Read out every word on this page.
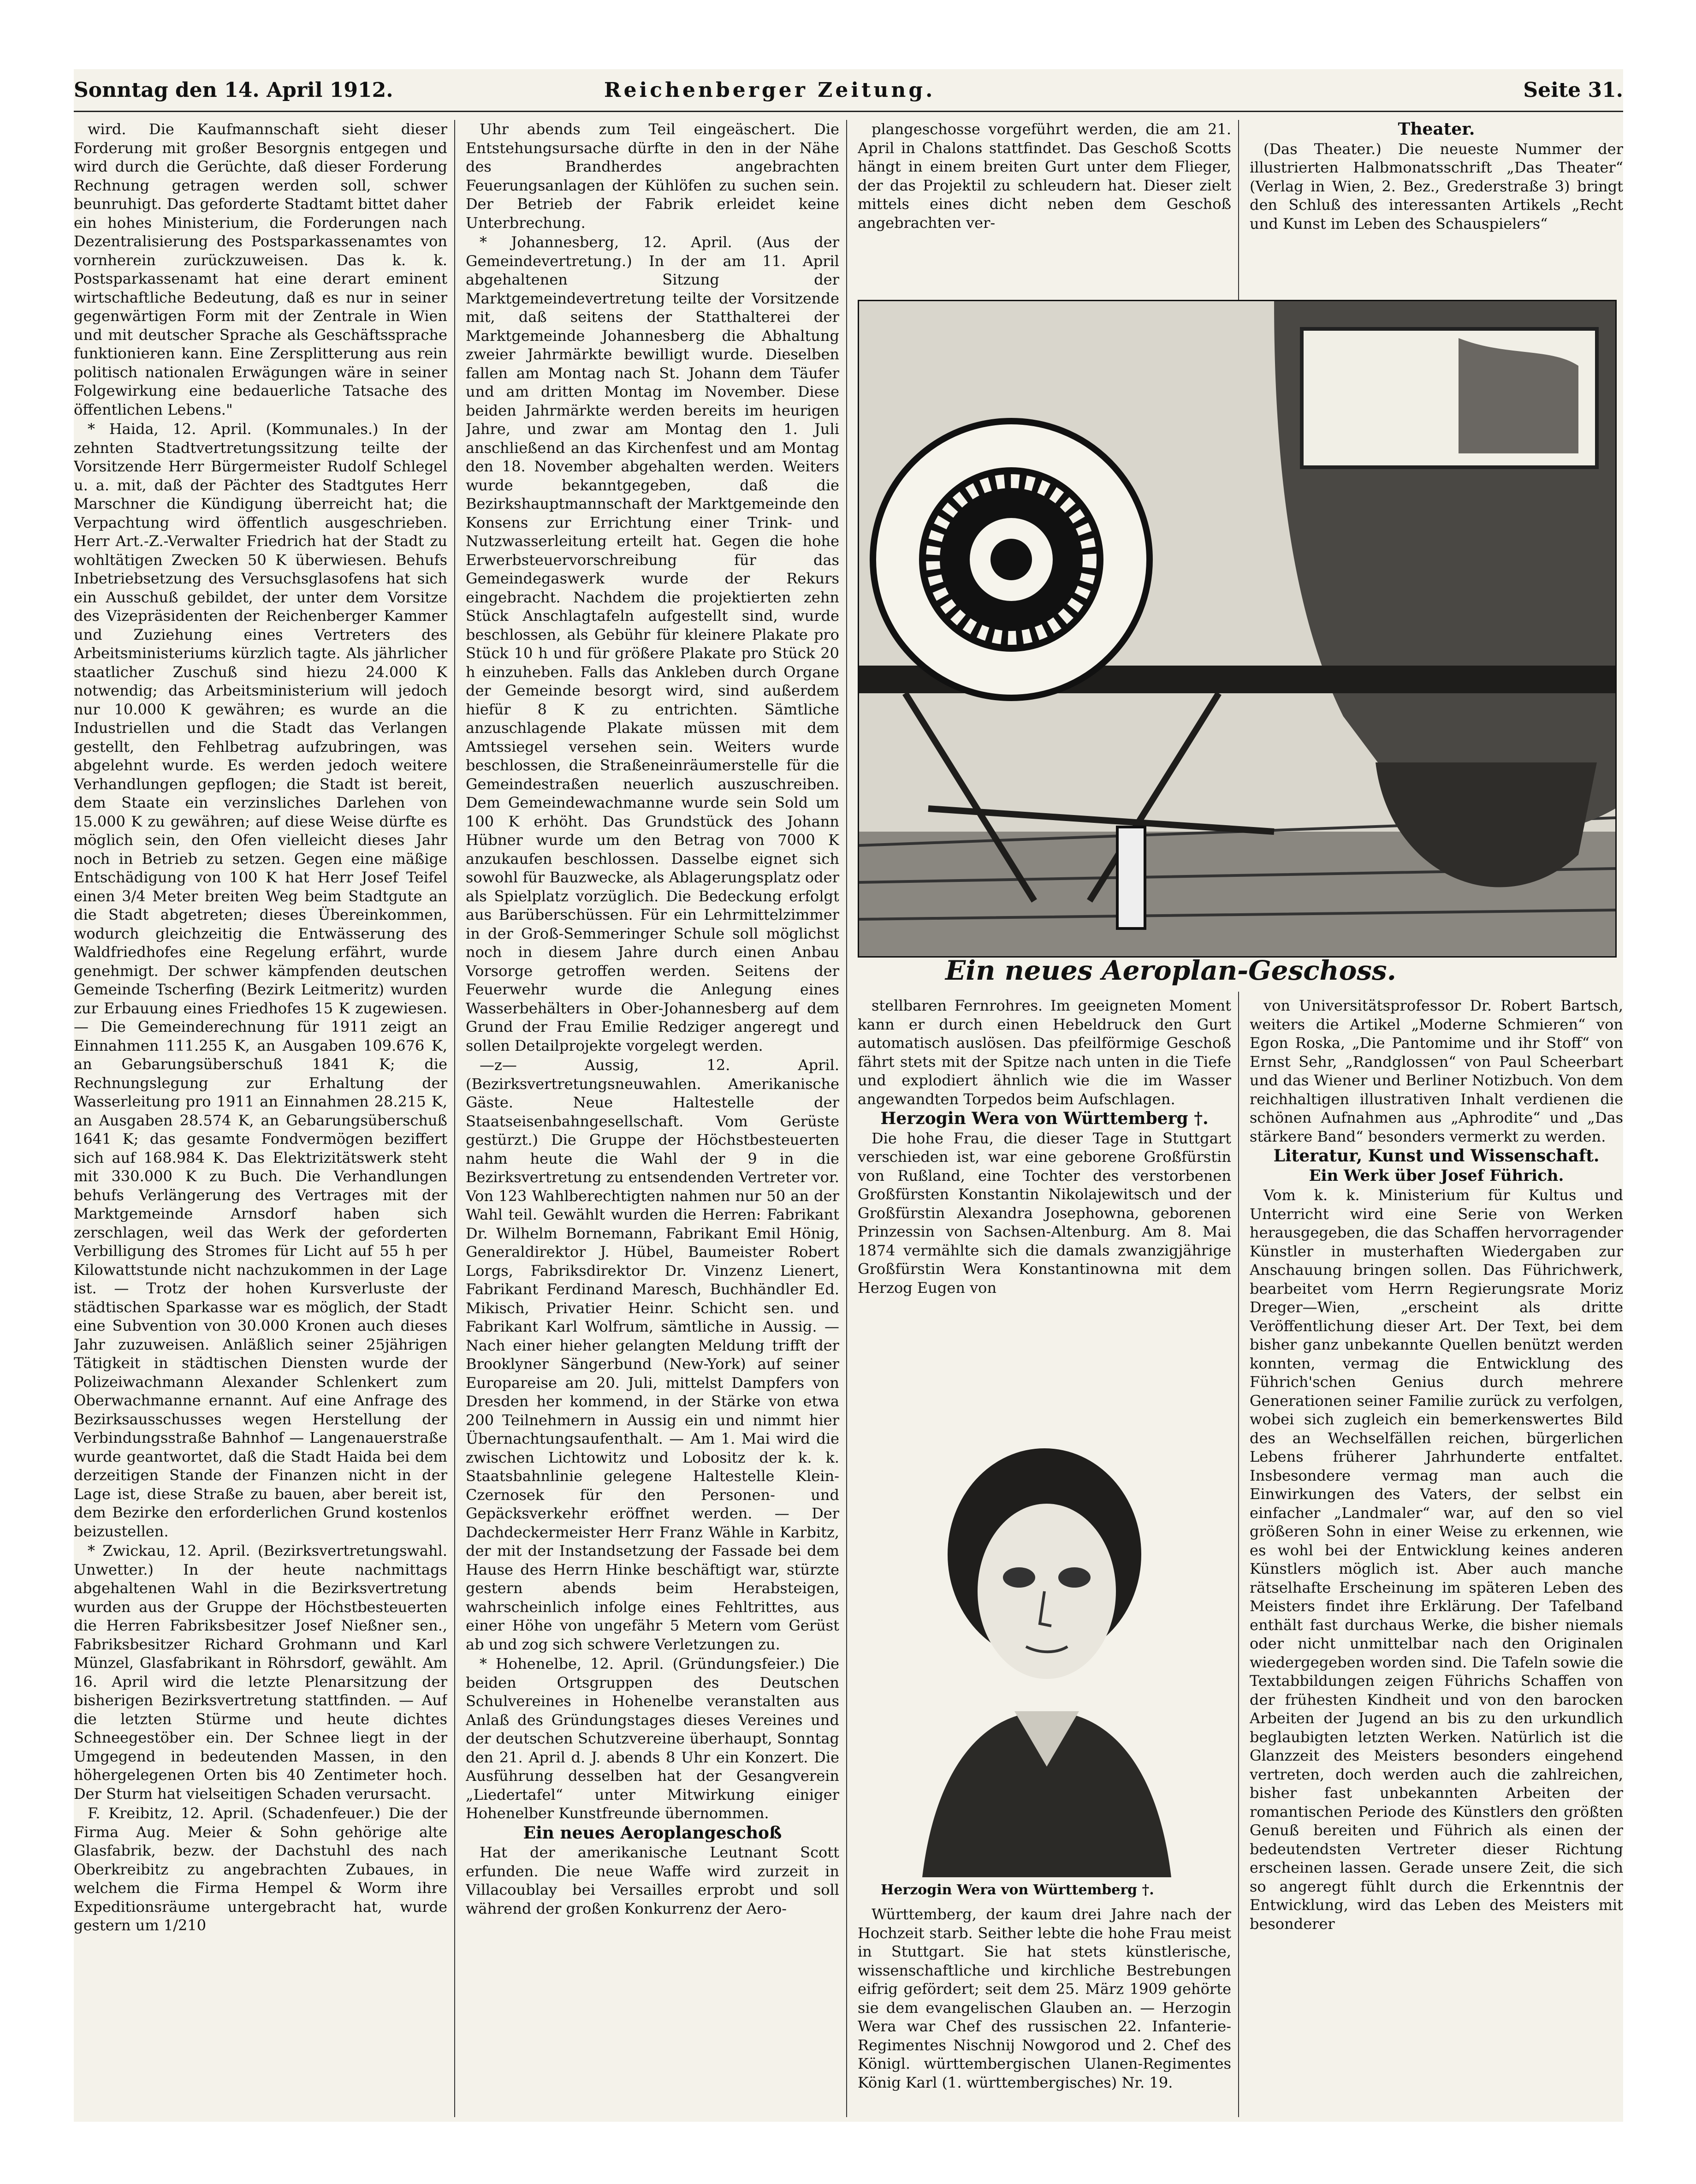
Sonntag den 14. April 1912.	Reichenberger Zeitung.	Seite 31.

wird. Die Kaufmannschaft sieht dieser Forderung mit großer Besorgnis entgegen und wird durch die Gerüchte, daß dieser Forderung Rechnung getragen werden soll, schwer beunruhigt. Das geforderte Stadtamt bittet daher ein hohes Ministerium, die Forderungen nach Dezentralisierung des Postsparkassenamtes von vornherein zurückzuweisen. Das k. k. Postsparkassenamt hat eine derart eminent wirtschaftliche Bedeutung, daß es nur in seiner gegenwärtigen Form mit der Zentrale in Wien und mit deutscher Sprache als Geschäftssprache funktionieren kann. Eine Zersplitterung aus rein politisch nationalen Erwägungen wäre in seiner Folgewirkung eine bedauerliche Tatsache des öffentlichen Lebens."

* Haida, 12. April. (Kommunales.) In der zehnten Stadtvertretungssitzung teilte der Vorsitzende Herr Bürgermeister Rudolf Schlegel u. a. mit, daß der Pächter des Stadtgutes Herr Marschner die Kündigung überreicht hat; die Verpachtung wird öffentlich ausgeschrieben. Herr Art.-Z.-Verwalter Friedrich hat der Stadt zu wohltätigen Zwecken 50 K überwiesen. Behufs Inbetriebsetzung des Versuchsglasofens hat sich ein Ausschuß gebildet, der unter dem Vorsitze des Vizepräsidenten der Reichenberger Kammer und Zuziehung eines Vertreters des Arbeitsministeriums kürzlich tagte. Als jährlicher staatlicher Zuschuß sind hiezu 24.000 K notwendig; das Arbeitsministerium will jedoch nur 10.000 K gewähren; es wurde an die Industriellen und die Stadt das Verlangen gestellt, den Fehlbetrag aufzubringen, was abgelehnt wurde. Es werden jedoch weitere Verhandlungen gepflogen; die Stadt ist bereit, dem Staate ein verzinsliches Darlehen von 15.000 K zu gewähren; auf diese Weise dürfte es möglich sein, den Ofen vielleicht dieses Jahr noch in Betrieb zu setzen. Gegen eine mäßige Entschädigung von 100 K hat Herr Josef Teifel einen 3/4 Meter breiten Weg beim Stadtgute an die Stadt abgetreten; dieses Übereinkommen, wodurch gleichzeitig die Entwässerung des Waldfriedhofes eine Regelung erfährt, wurde genehmigt. Der schwer kämpfenden deutschen Gemeinde Tscherfing (Bezirk Leitmeritz) wurden zur Erbauung eines Friedhofes 15 K zugewiesen. — Die Gemeinderechnung für 1911 zeigt an Einnahmen 111.255 K, an Ausgaben 109.676 K, an Gebarungsüberschuß 1841 K; die Rechnungslegung zur Erhaltung der Wasserleitung pro 1911 an Einnahmen 28.215 K, an Ausgaben 28.574 K, an Gebarungsüberschuß 1641 K; das gesamte Fondvermögen beziffert sich auf 168.984 K. Das Elektrizitätswerk steht mit 330.000 K zu Buch. Die Verhandlungen behufs Verlängerung des Vertrages mit der Marktgemeinde Arnsdorf haben sich zerschlagen, weil das Werk der geforderten Verbilligung des Stromes für Licht auf 55 h per Kilowattstunde nicht nachzukommen in der Lage ist. — Trotz der hohen Kursverluste der städtischen Sparkasse war es möglich, der Stadt eine Subvention von 30.000 Kronen auch dieses Jahr zuzuweisen. Anläßlich seiner 25jährigen Tätigkeit in städtischen Diensten wurde der Polizeiwachmann Alexander Schlenkert zum Oberwachmanne ernannt. Auf eine Anfrage des Bezirksausschusses wegen Herstellung der Verbindungsstraße Bahnhof — Langenauerstraße wurde geantwortet, daß die Stadt Haida bei dem derzeitigen Stande der Finanzen nicht in der Lage ist, diese Straße zu bauen, aber bereit ist, dem Bezirke den erforderlichen Grund kostenlos beizustellen.

* Zwickau, 12. April. (Bezirksvertretungswahl. Unwetter.) In der heute nachmittags abgehaltenen Wahl in die Bezirksvertretung wurden aus der Gruppe der Höchstbesteuerten die Herren Fabriksbesitzer Josef Nießner sen., Fabriksbesitzer Richard Grohmann und Karl Münzel, Glasfabrikant in Röhrsdorf, gewählt. Am 16. April wird die letzte Plenarsitzung der bisherigen Bezirksvertretung stattfinden. — Auf die letzten Stürme und heute dichtes Schneegestöber ein. Der Schnee liegt in der Umgegend in bedeutenden Massen, in den höhergelegenen Orten bis 40 Zentimeter hoch. Der Sturm hat vielseitigen Schaden verursacht.

F. Kreibitz, 12. April. (Schadenfeuer.) Die der Firma Aug. Meier & Sohn gehörige alte Glasfabrik, bezw. der Dachstuhl des nach Oberkreibitz zu angebrachten Zubaues, in welchem die Firma Hempel & Worm ihre Expeditionsräume untergebracht hat, wurde gestern um 1/210

Uhr abends zum Teil eingeäschert. Die Entstehungsursache dürfte in den in der Nähe des Brandherdes angebrachten Feuerungsanlagen der Kühlöfen zu suchen sein. Der Betrieb der Fabrik erleidet keine Unterbrechung.

* Johannesberg, 12. April. (Aus der Gemeindevertretung.) In der am 11. April abgehaltenen Sitzung der Marktgemeindevertretung teilte der Vorsitzende mit, daß seitens der Statthalterei der Marktgemeinde Johannesberg die Abhaltung zweier Jahrmärkte bewilligt wurde. Dieselben fallen am Montag nach St. Johann dem Täufer und am dritten Montag im November. Diese beiden Jahrmärkte werden bereits im heurigen Jahre, und zwar am Montag den 1. Juli anschließend an das Kirchenfest und am Montag den 18. November abgehalten werden. Weiters wurde bekanntgegeben, daß die Bezirkshauptmannschaft der Marktgemeinde den Konsens zur Errichtung einer Trink- und Nutzwasserleitung erteilt hat. Gegen die hohe Erwerbsteuervorschreibung für das Gemeindegaswerk wurde der Rekurs eingebracht. Nachdem die projektierten zehn Stück Anschlagtafeln aufgestellt sind, wurde beschlossen, als Gebühr für kleinere Plakate pro Stück 10 h und für größere Plakate pro Stück 20 h einzuheben. Falls das Ankleben durch Organe der Gemeinde besorgt wird, sind außerdem hiefür 8 K zu entrichten. Sämtliche anzuschlagende Plakate müssen mit dem Amtssiegel versehen sein. Weiters wurde beschlossen, die Straßeneinräumerstelle für die Gemeindestraßen neuerlich auszuschreiben. Dem Gemeindewachmanne wurde sein Sold um 100 K erhöht. Das Grundstück des Johann Hübner wurde um den Betrag von 7000 K anzukaufen beschlossen. Dasselbe eignet sich sowohl für Bauzwecke, als Ablagerungsplatz oder als Spielplatz vorzüglich. Die Bedeckung erfolgt aus Barüberschüssen. Für ein Lehrmittelzimmer in der Groß-Semmeringer Schule soll möglichst noch in diesem Jahre durch einen Anbau Vorsorge getroffen werden. Seitens der Feuerwehr wurde die Anlegung eines Wasserbehälters in Ober-Johannesberg auf dem Grund der Frau Emilie Redziger angeregt und sollen Detailprojekte vorgelegt werden.

—z— Aussig, 12. April. (Bezirksvertretungsneuwahlen. Amerikanische Gäste. Neue Haltestelle der Staatseisenbahngesellschaft. Vom Gerüste gestürzt.) Die Gruppe der Höchstbesteuerten nahm heute die Wahl der 9 in die Bezirksvertretung zu entsendenden Vertreter vor. Von 123 Wahlberechtigten nahmen nur 50 an der Wahl teil. Gewählt wurden die Herren: Fabrikant Dr. Wilhelm Bornemann, Fabrikant Emil Hönig, Generaldirektor J. Hübel, Baumeister Robert Lorgs, Fabriksdirektor Dr. Vinzenz Lienert, Fabrikant Ferdinand Maresch, Buchhändler Ed. Mikisch, Privatier Heinr. Schicht sen. und Fabrikant Karl Wolfrum, sämtliche in Aussig. — Nach einer hieher gelangten Meldung trifft der Brooklyner Sängerbund (New-York) auf seiner Europareise am 20. Juli, mittelst Dampfers von Dresden her kommend, in der Stärke von etwa 200 Teilnehmern in Aussig ein und nimmt hier Übernachtungsaufenthalt. — Am 1. Mai wird die zwischen Lichtowitz und Lobositz der k. k. Staatsbahnlinie gelegene Haltestelle Klein-Czernosek für den Personen- und Gepäcksverkehr eröffnet werden. — Der Dachdeckermeister Herr Franz Wähle in Karbitz, der mit der Instandsetzung der Fassade bei dem Hause des Herrn Hinke beschäftigt war, stürzte gestern abends beim Herabsteigen, wahrscheinlich infolge eines Fehltrittes, aus einer Höhe von ungefähr 5 Metern vom Gerüst ab und zog sich schwere Verletzungen zu.

* Hohenelbe, 12. April. (Gründungsfeier.) Die beiden Ortsgruppen des Deutschen Schulvereines in Hohenelbe veranstalten aus Anlaß des Gründungstages dieses Vereines und der deutschen Schutzvereine überhaupt, Sonntag den 21. April d. J. abends 8 Uhr ein Konzert. Die Ausführung desselben hat der Gesangverein „Liedertafel“ unter Mitwirkung einiger Hohenelber Kunstfreunde übernommen.

Ein neues Aeroplangeschoß

Hat der amerikanische Leutnant Scott erfunden. Die neue Waffe wird zurzeit in Villacoublay bei Versailles erprobt und soll während der großen Konkurrenz der Aero-

plangeschosse vorgeführt werden, die am 21. April in Chalons stattfindet. Das Geschoß Scotts hängt in einem breiten Gurt unter dem Flieger, der das Projektil zu schleudern hat. Dieser zielt mittels eines dicht neben dem Geschoß angebrachten ver-

Theater.

(Das Theater.) Die neueste Nummer der illustrierten Halbmonatsschrift „Das Theater“ (Verlag in Wien, 2. Bez., Grederstraße 3) bringt den Schluß des interessanten Artikels „Recht und Kunst im Leben des Schauspielers“

Ein neues Aeroplan-Geschoss.

stellbaren Fernrohres. Im geeigneten Moment kann er durch einen Hebeldruck den Gurt automatisch auslösen. Das pfeilförmige Geschoß fährt stets mit der Spitze nach unten in die Tiefe und explodiert ähnlich wie die im Wasser angewandten Torpedos beim Aufschlagen.

Herzogin Wera von Württemberg †.

Die hohe Frau, die dieser Tage in Stuttgart verschieden ist, war eine geborene Großfürstin von Rußland, eine Tochter des verstorbenen Großfürsten Konstantin Nikolajewitsch und der Großfürstin Alexandra Josephowna, geborenen Prinzessin von Sachsen-Altenburg. Am 8. Mai 1874 vermählte sich die damals zwanzigjährige Großfürstin Wera Konstantinowna mit dem Herzog Eugen von

Herzogin Wera von Württemberg †.

Württemberg, der kaum drei Jahre nach der Hochzeit starb. Seither lebte die hohe Frau meist in Stuttgart. Sie hat stets künstlerische, wissenschaftliche und kirchliche Bestrebungen eifrig gefördert; seit dem 25. März 1909 gehörte sie dem evangelischen Glauben an. — Herzogin Wera war Chef des russischen 22. Infanterie-Regimentes Nischnij Nowgorod und 2. Chef des Königl. württembergischen Ulanen-Regimentes König Karl (1. württembergisches) Nr. 19.

von Universitätsprofessor Dr. Robert Bartsch, weiters die Artikel „Moderne Schmieren“ von Egon Roska, „Die Pantomime und ihr Stoff“ von Ernst Sehr, „Randglossen“ von Paul Scheerbart und das Wiener und Berliner Notizbuch. Von dem reichhaltigen illustrativen Inhalt verdienen die schönen Aufnahmen aus „Aphrodite“ und „Das stärkere Band“ besonders vermerkt zu werden.

Literatur, Kunst und Wissenschaft.

Ein Werk über Josef Führich.

Vom k. k. Ministerium für Kultus und Unterricht wird eine Serie von Werken herausgegeben, die das Schaffen hervorragender Künstler in musterhaften Wiedergaben zur Anschauung bringen sollen. Das Führichwerk, bearbeitet vom Herrn Regierungsrate Moriz Dreger—Wien, „erscheint als dritte Veröffentlichung dieser Art. Der Text, bei dem bisher ganz unbekannte Quellen benützt werden konnten, vermag die Entwicklung des Führich'schen Genius durch mehrere Generationen seiner Familie zurück zu verfolgen, wobei sich zugleich ein bemerkenswertes Bild des an Wechselfällen reichen, bürgerlichen Lebens früherer Jahrhunderte entfaltet. Insbesondere vermag man auch die Einwirkungen des Vaters, der selbst ein einfacher „Landmaler“ war, auf den so viel größeren Sohn in einer Weise zu erkennen, wie es wohl bei der Entwicklung keines anderen Künstlers möglich ist. Aber auch manche rätselhafte Erscheinung im späteren Leben des Meisters findet ihre Erklärung. Der Tafelband enthält fast durchaus Werke, die bisher niemals oder nicht unmittelbar nach den Originalen wiedergegeben worden sind. Die Tafeln sowie die Textabbildungen zeigen Führichs Schaffen von der frühesten Kindheit und von den barocken Arbeiten der Jugend an bis zu den urkundlich beglaubigten letzten Werken. Natürlich ist die Glanzzeit des Meisters besonders eingehend vertreten, doch werden auch die zahlreichen, bisher fast unbekannten Arbeiten der romantischen Periode des Künstlers den größten Genuß bereiten und Führich als einen der bedeutendsten Vertreter dieser Richtung erscheinen lassen. Gerade unsere Zeit, die sich so angeregt fühlt durch die Erkenntnis der Entwicklung, wird das Leben des Meisters mit besonderer
